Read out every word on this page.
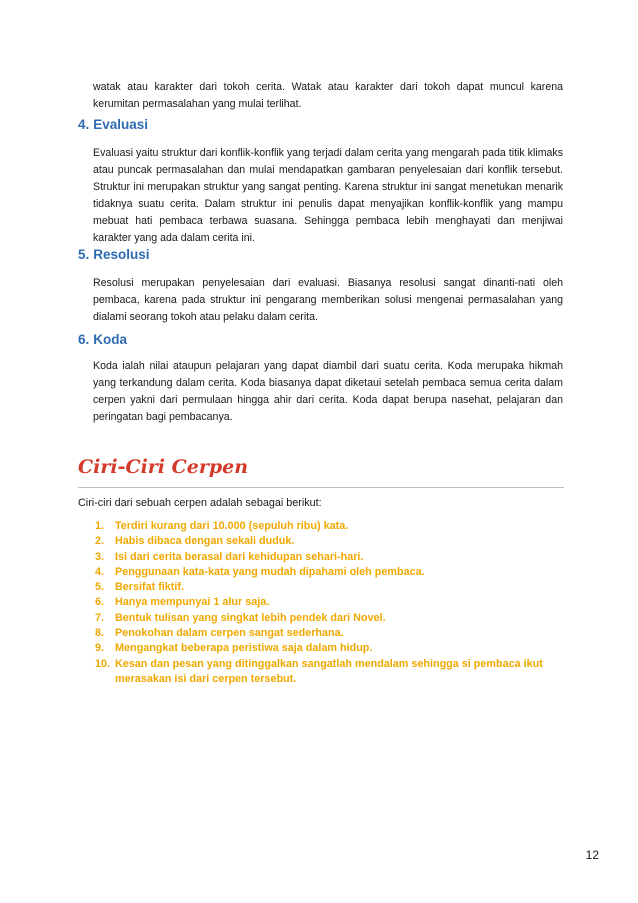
watak atau karakter dari tokoh cerita. Watak atau karakter dari tokoh dapat muncul karena kerumitan permasalahan yang mulai terlihat.

4. Evaluasi

Evaluasi yaitu struktur dari konflik-konflik yang terjadi dalam cerita yang mengarah pada titik klimaks atau puncak permasalahan dan mulai mendapatkan gambaran penyelesaian dari konflik tersebut. Struktur ini merupakan struktur yang sangat penting. Karena struktur ini sangat menetukan menarik tidaknya suatu cerita. Dalam struktur ini penulis dapat menyajikan konflik-konflik yang mampu mebuat hati pembaca terbawa suasana. Sehingga pembaca lebih menghayati dan menjiwai karakter yang ada dalam cerita ini.

5. Resolusi

Resolusi merupakan penyelesaian dari evaluasi. Biasanya resolusi sangat dinanti-nati oleh pembaca, karena pada struktur ini pengarang memberikan solusi mengenai permasalahan yang dialami seorang tokoh atau pelaku dalam cerita.

6. Koda

Koda ialah nilai ataupun pelajaran yang dapat diambil dari suatu cerita. Koda merupaka hikmah yang terkandung dalam cerita. Koda biasanya dapat diketaui setelah pembaca semua cerita dalam cerpen yakni dari permulaan hingga ahir dari cerita. Koda dapat berupa nasehat, pelajaran dan peringatan bagi pembacanya.

Ciri-Ciri Cerpen

Ciri-ciri dari sebuah cerpen adalah sebagai berikut:

1. Terdiri kurang dari 10.000 (sepuluh ribu) kata.
2. Habis dibaca dengan sekali duduk.
3. Isi dari cerita berasal dari kehidupan sehari-hari.
4. Penggunaan kata-kata yang mudah dipahami oleh pembaca.
5. Bersifat fiktif.
6. Hanya mempunyai 1 alur saja.
7. Bentuk tulisan yang singkat lebih pendek dari Novel.
8. Penokohan dalam cerpen sangat sederhana.
9. Mengangkat beberapa peristiwa saja dalam hidup.
10. Kesan dan pesan yang ditinggalkan sangatlah mendalam sehingga si pembaca ikut merasakan isi dari cerpen tersebut.

12
